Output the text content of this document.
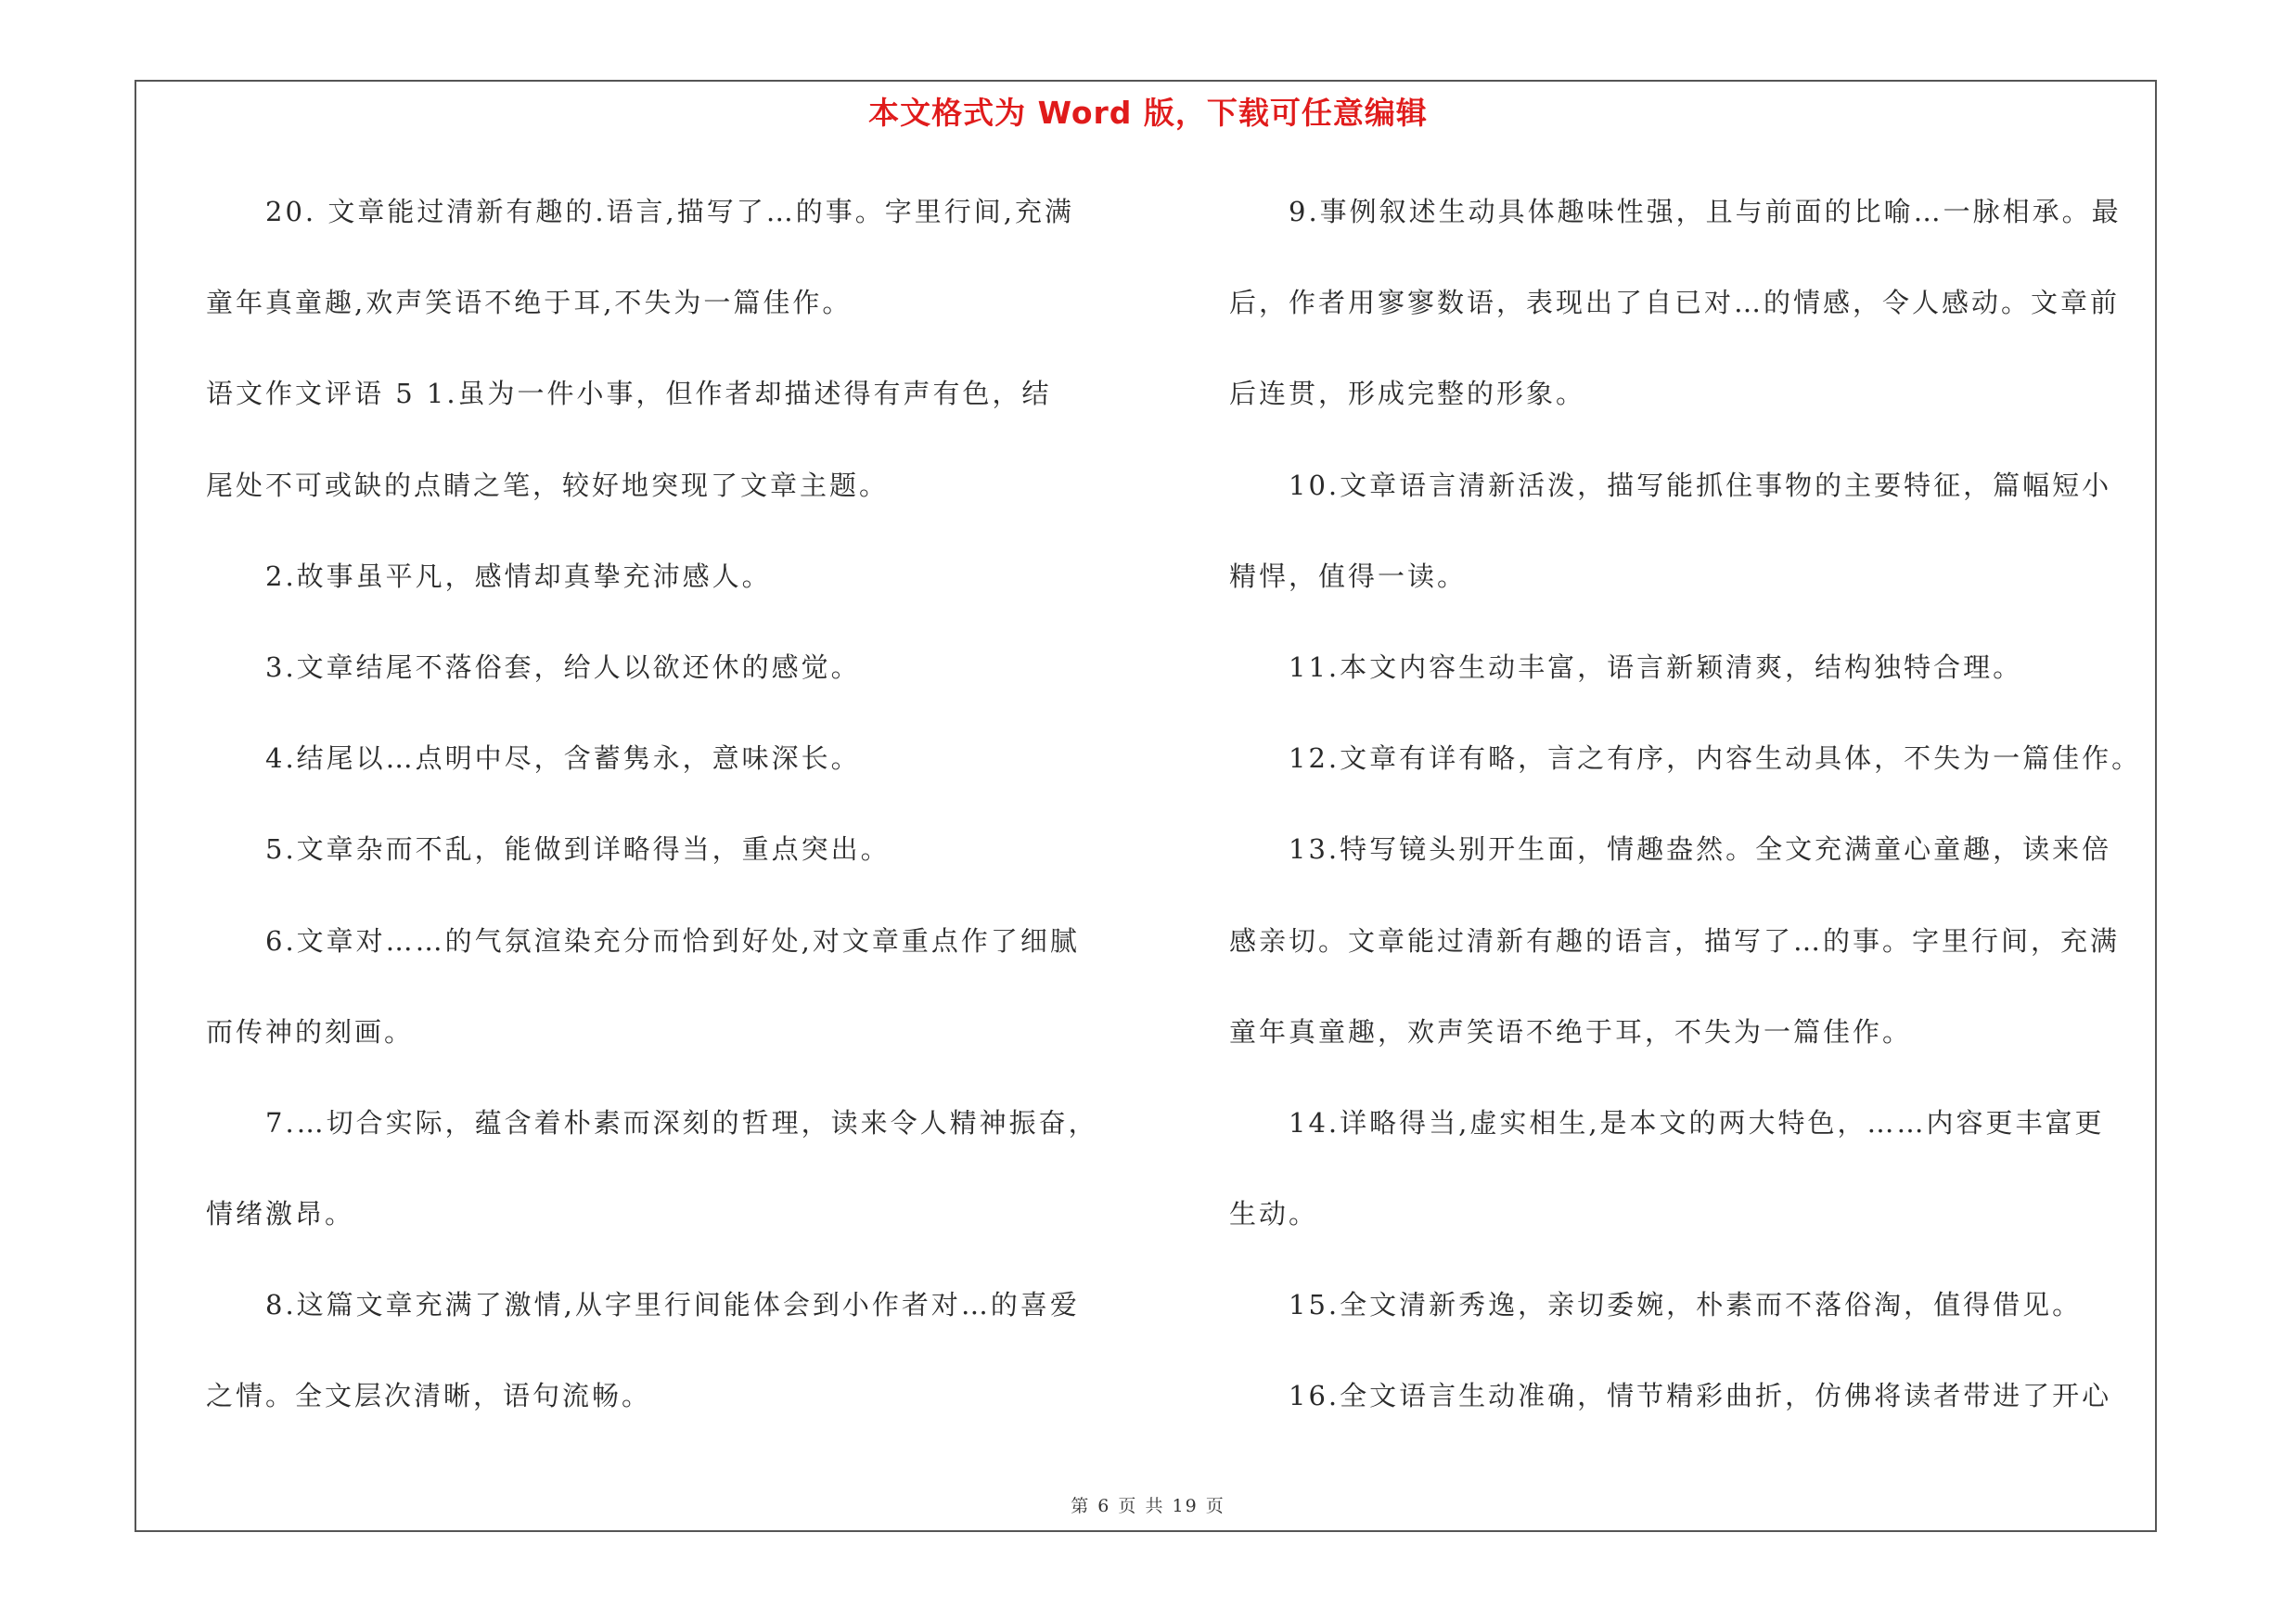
本文格式为 Word 版，下载可任意编辑
20. 文章能过清新有趣的.语言,描写了…的事。字里行间,充满
童年真童趣,欢声笑语不绝于耳,不失为一篇佳作。
语文作文评语 5 1.虽为一件小事，但作者却描述得有声有色，结
尾处不可或缺的点睛之笔，较好地突现了文章主题。
2.故事虽平凡，感情却真挚充沛感人。
3.文章结尾不落俗套，给人以欲还休的感觉。
4.结尾以…点明中尽，含蓄隽永，意味深长。
5.文章杂而不乱，能做到详略得当，重点突出。
6.文章对……的气氛渲染充分而恰到好处,对文章重点作了细腻
而传神的刻画。
7.…切合实际，蕴含着朴素而深刻的哲理，读来令人精神振奋，
情绪激昂。
8.这篇文章充满了激情,从字里行间能体会到小作者对…的喜爱
之情。全文层次清晰，语句流畅。
9.事例叙述生动具体趣味性强，且与前面的比喻…一脉相承。最
后，作者用寥寥数语，表现出了自已对…的情感，令人感动。文章前
后连贯，形成完整的形象。
10.文章语言清新活泼，描写能抓住事物的主要特征，篇幅短小
精悍，值得一读。
11.本文内容生动丰富，语言新颖清爽，结构独特合理。
12.文章有详有略，言之有序，内容生动具体，不失为一篇佳作。
13.特写镜头别开生面，情趣盎然。全文充满童心童趣，读来倍
感亲切。文章能过清新有趣的语言，描写了…的事。字里行间，充满
童年真童趣，欢声笑语不绝于耳，不失为一篇佳作。
14.详略得当,虚实相生,是本文的两大特色，……内容更丰富更
生动。
15.全文清新秀逸，亲切委婉，朴素而不落俗淘，值得借见。
16.全文语言生动准确，情节精彩曲折，仿佛将读者带进了开心
第 6 页 共 19 页
